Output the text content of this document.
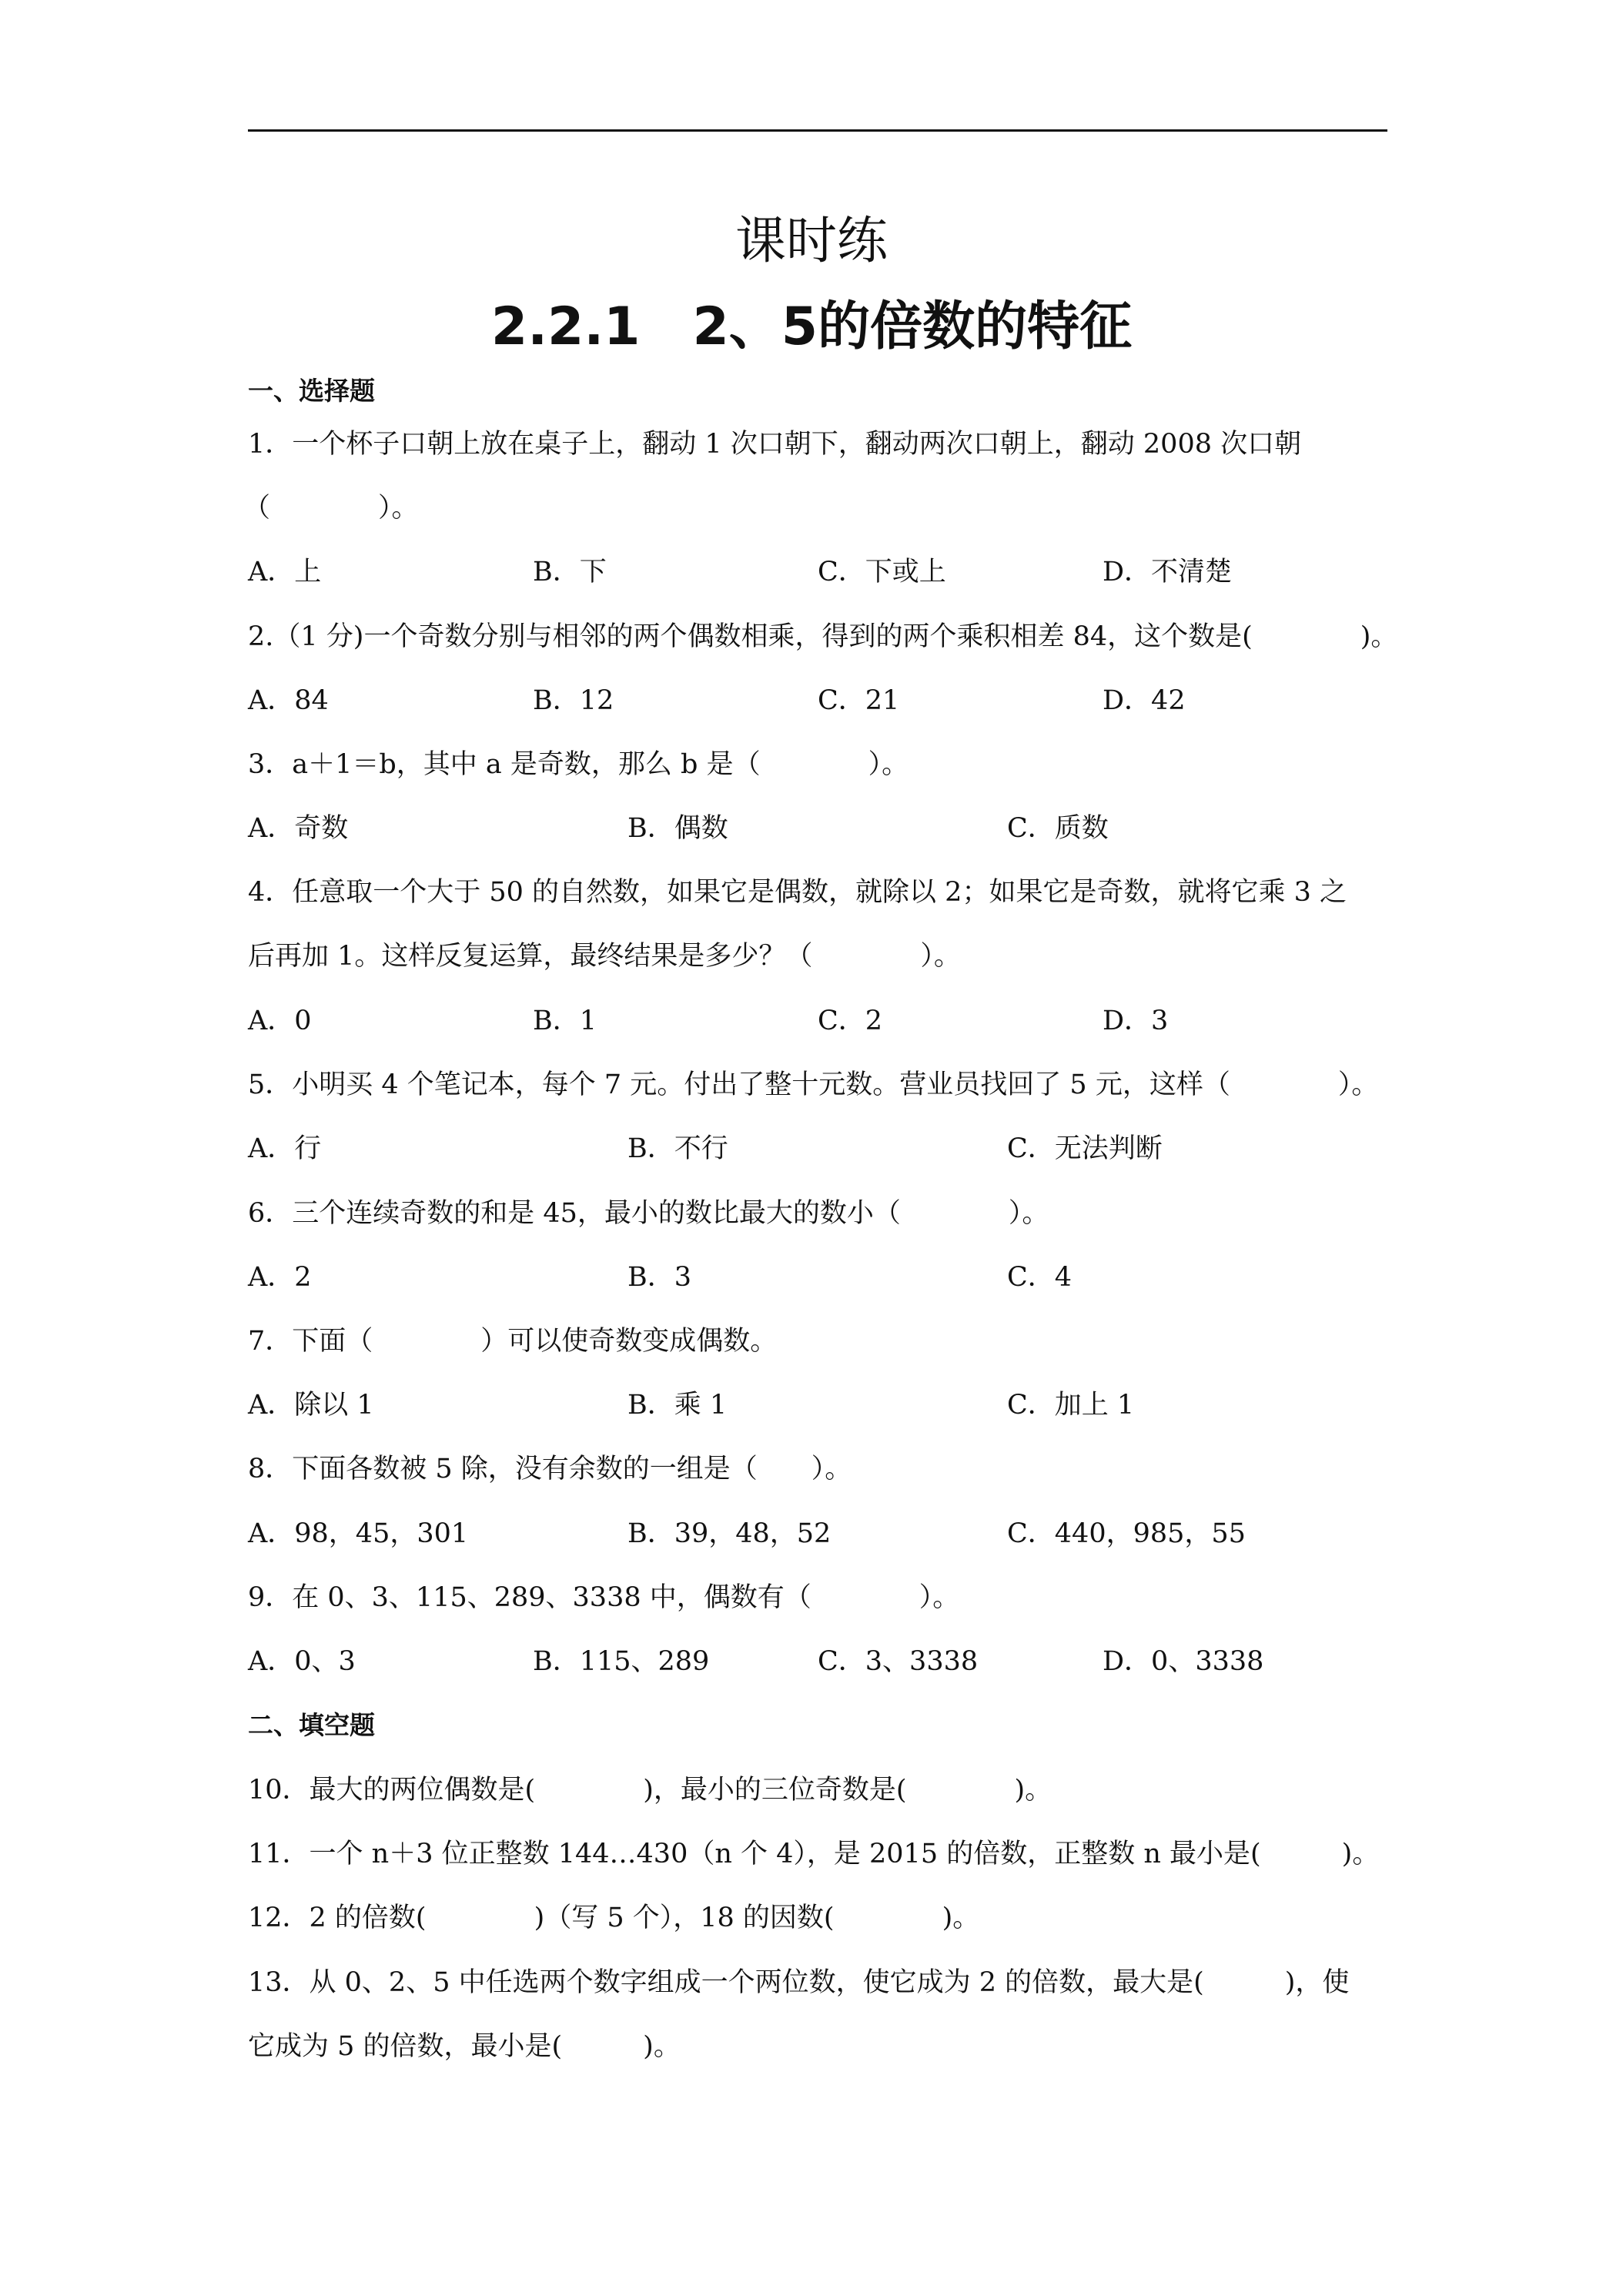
课时练
2.2.1　2、5的倍数的特征
一、选择题
1．一个杯子口朝上放在桌子上，翻动 1 次口朝下，翻动两次口朝上，翻动 2008 次口朝
（　　　　）。
A．上	B．下	C．下或上	D．不清楚
2.（1 分)一个奇数分别与相邻的两个偶数相乘，得到的两个乘积相差 84，这个数是(　　　　)。
A．84	B．12	C．21	D．42
3．a＋1＝b，其中 a 是奇数，那么 b 是（　　　　）。
A．奇数	B．偶数	C．质数
4．任意取一个大于 50 的自然数，如果它是偶数，就除以 2；如果它是奇数，就将它乘 3 之
后再加 1。这样反复运算，最终结果是多少？（　　　　）。
A．0	B．1	C．2	D．3
5．小明买 4 个笔记本，每个 7 元。付出了整十元数。营业员找回了 5 元，这样（　　　　）。
A．行	B．不行	C．无法判断
6．三个连续奇数的和是 45，最小的数比最大的数小（　　　　）。
A．2	B．3	C．4
7．下面（　　　　）可以使奇数变成偶数。
A．除以 1	B．乘 1	C．加上 1
8．下面各数被 5 除，没有余数的一组是（　　）。
A．98，45，301	B．39，48，52	C．440，985，55
9．在 0、3、115、289、3338 中，偶数有（　　　　）。
A．0、3	B．115、289	C．3、3338	D．0、3338
二、填空题
10．最大的两位偶数是(　　　　)，最小的三位奇数是(　　　　)。
11．一个 n＋3 位正整数 144…430（n 个 4），是 2015 的倍数，正整数 n 最小是(　　　)。
12．2 的倍数(　　　　)（写 5 个），18 的因数(　　　　)。
13．从 0、2、5 中任选两个数字组成一个两位数，使它成为 2 的倍数，最大是(　　　)，使
它成为 5 的倍数，最小是(　　　)。
